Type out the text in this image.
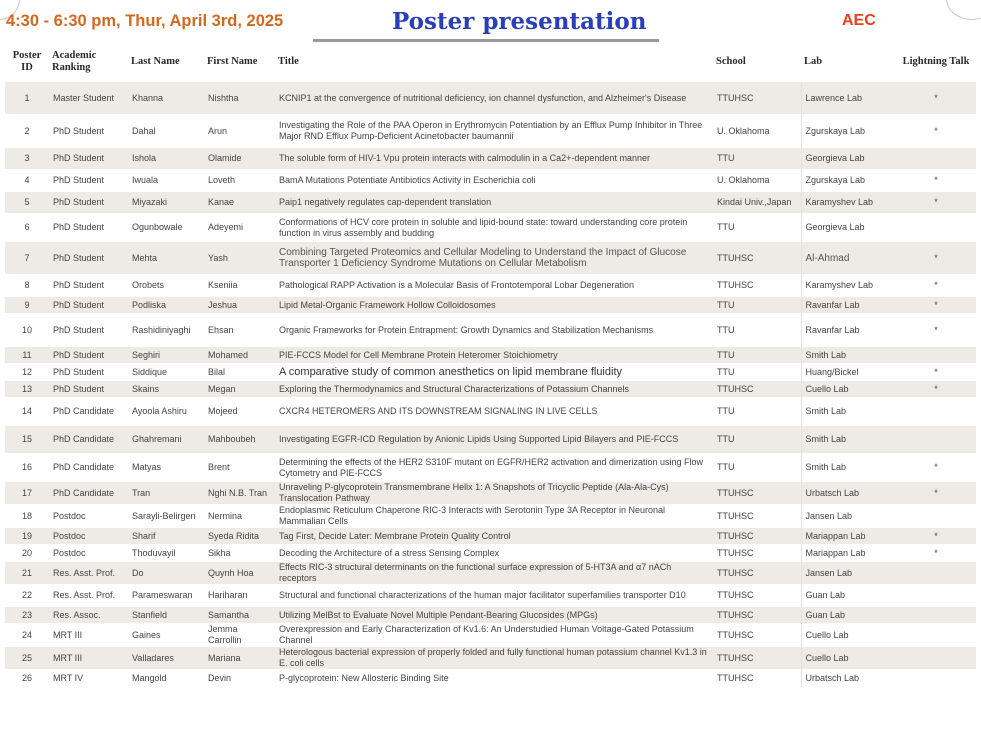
4:30 - 6:30 pm, Thur, April 3rd, 2025	Poster presentation	AEC
Poster ID	Academic Ranking	Last Name	First Name	Title	School	Lab	Lightning Talk
1	Master Student	Khanna	Nishtha	KCNIP1 at the convergence of nutritional deficiency, ion channel dysfunction, and Alzheimer's Disease	TTUHSC	Lawrence Lab	*
2	PhD Student	Dahal	Arun	Investigating the Role of the PAA Operon in Erythromycin Potentiation by an Efflux Pump Inhibitor in Three Major RND Efflux Pump-Deficient Acinetobacter baumannii	U. Oklahoma	Zgurskaya Lab	*
3	PhD Student	Ishola	Olamide	The soluble form of HIV-1 Vpu protein interacts with calmodulin in a Ca2+-dependent manner	TTU	Georgieva Lab	
4	PhD Student	Iwuala	Loveth	BamA Mutations Potentiate Antibiotics Activity in Escherichia coli	U. Oklahoma	Zgurskaya Lab	*
5	PhD Student	Miyazaki	Kanae	Paip1 negatively regulates cap-dependent translation	Kindai Univ.,Japan	Karamyshev Lab	*
6	PhD Student	Ogunbowale	Adeyemi	Conformations of HCV core protein in soluble and lipid-bound state: toward understanding core protein function in virus assembly and budding	TTU	Georgieva Lab	
7	PhD Student	Mehta	Yash	Combining Targeted Proteomics and Cellular Modeling to Understand the Impact of Glucose Transporter 1 Deficiency Syndrome Mutations on Cellular Metabolism	TTUHSC	Al-Ahmad	*
8	PhD Student	Orobets	Kseniia	Pathological RAPP Activation is a Molecular Basis of Frontotemporal Lobar Degeneration	TTUHSC	Karamyshev Lab	*
9	PhD Student	Podliska	Jeshua	Lipid Metal-Organic Framework Hollow Colloidosomes	TTU	Ravanfar Lab	*
10	PhD Student	Rashidiniyaghi	Ehsan	Organic Frameworks for Protein Entrapment: Growth Dynamics and Stabilization Mechanisms	TTU	Ravanfar Lab	*
11	PhD Student	Seghiri	Mohamed	PIE-FCCS Model for Cell Membrane Protein Heteromer Stoichiometry	TTU	Smith Lab	
12	PhD Student	Siddique	Bilal	A comparative study of common anesthetics on lipid membrane fluidity	TTU	Huang/Bickel	*
13	PhD Student	Skains	Megan	Exploring the Thermodynamics and Structural Characterizations of Potassium Channels	TTUHSC	Cuello Lab	*
14	PhD Candidate	Ayoola Ashiru	Mojeed	CXCR4 HETEROMERS AND ITS DOWNSTREAM SIGNALING IN LIVE CELLS	TTU	Smith Lab	
15	PhD Candidate	Ghahremani	Mahboubeh	Investigating EGFR-ICD Regulation by Anionic Lipids Using Supported Lipid Bilayers and PIE-FCCS	TTU	Smith Lab	
16	PhD Candidate	Matyas	Brent	Determining the effects of the HER2 S310F mutant on EGFR/HER2 activation and dimerization using Flow Cytometry and PIE-FCCS	TTU	Smith Lab	*
17	PhD Candidate	Tran	Nghi N.B. Tran	Unraveling P-glycoprotein Transmembrane Helix 1: A Snapshots of Tricyclic Peptide (Ala-Ala-Cys) Translocation Pathway	TTUHSC	Urbatsch Lab	*
18	Postdoc	Sarayli-Belirgen	Nermina	Endoplasmic Reticulum Chaperone RIC-3 Interacts with Serotonin Type 3A Receptor in Neuronal Mammalian Cells	TTUHSC	Jansen Lab	
19	Postdoc	Sharif	Syeda Ridita	Tag First, Decide Later: Membrane Protein Quality Control	TTUHSC	Mariappan Lab	*
20	Postdoc	Thoduvayil	Sikha	Decoding the Architecture of a stress Sensing Complex	TTUHSC	Mariappan Lab	*
21	Res. Asst. Prof.	Do	Quynh Hoa	Effects RIC-3 structural determinants on the functional surface expression of 5-HT3A and α7 nACh receptors	TTUHSC	Jansen Lab	
22	Res. Asst. Prof.	Parameswaran	Hariharan	Structural and functional characterizations of the human major facilitator superfamilies transporter D10	TTUHSC	Guan Lab	
23	Res. Assoc.	Stanfield	Samantha	Utilizing MelBst to Evaluate Novel Multiple Pendant-Bearing Glucosides (MPGs)	TTUHSC	Guan Lab	
24	MRT III	Gaines	Jemma Carrollin	Overexpression and Early Characterization of Kv1.6: An Understudied Human Voltage-Gated Potassium Channel	TTUHSC	Cuello Lab	
25	MRT III	Valladares	Mariana	Heterologous bacterial expression of properly folded and fully functional human potassium channel Kv1.3 in E. coli cells	TTUHSC	Cuello Lab	
26	MRT IV	Mangold	Devin	P-glycoprotein: New Allosteric Binding Site	TTUHSC	Urbatsch Lab	
